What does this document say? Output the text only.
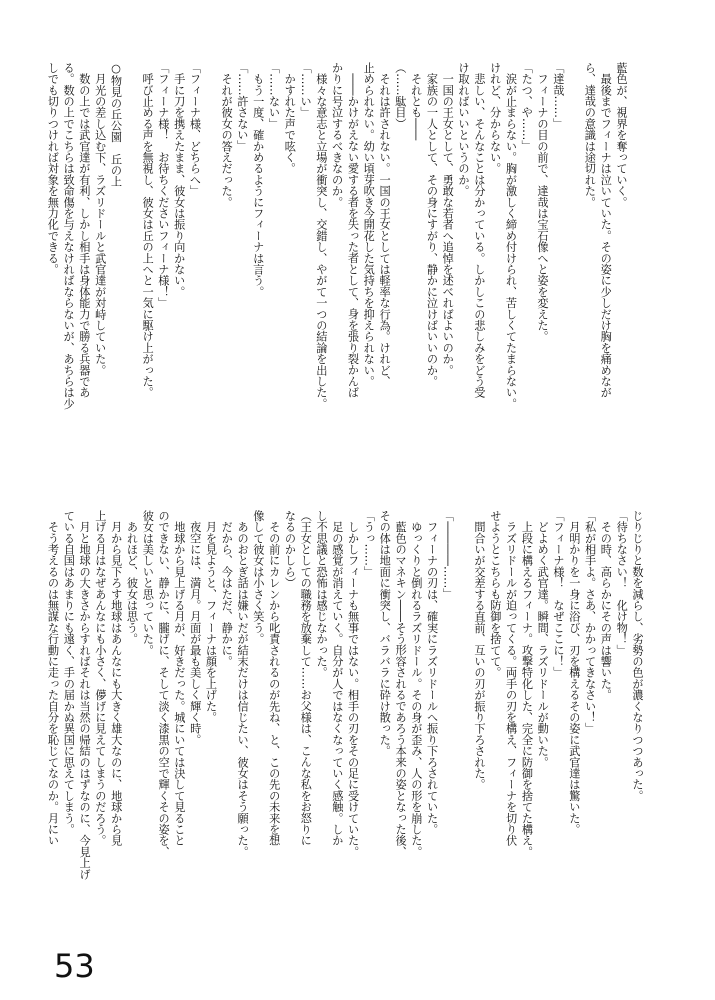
藍色が、視界を奪っていく。
　最後までフィーナは泣いていた。その姿に少しだけ胸を痛めなが
ら、達哉の意識は途切れた。

「達哉……」
　フィーナの目の前で、達哉は宝石像へと姿を変えた。
「たつ、や……」
　涙が止まらない。胸が激しく締め付けられ、苦しくてたまらない。
けれど、分からない。
　悲しい、そんなことは分かっている。しかしこの悲しみをどう受
け取ればいいというのか。
　一国の王女として、勇敢な若者へ追悼を述べればよいのか。
　家族の一人として、その身にすがり、静かに泣けばいいのか。
　それとも――
（……駄目）
　それは許されない。一国の王女としては軽率な行為。けれど、
止められない。幼い頃芽吹き今開花した気持ちを抑えられない。
　――かけがえない愛する者を失った者として、身を張り裂かんば
かりに号泣するべきなのか。
　様々な意志と立場が衝突し、交錯し、やがて一つの結論を出した。
「……い」
　かすれた声で呟く。
「……ない」
　もう一度、確かめるようにフィーナは言う。
「……許さない」
　それが彼女の答えだった。

「フィーナ様、どちらへ」
　手に刀を携えたまま、彼女は振り向かない。
「フィーナ様！　お待ちくださいフィーナ様！」
　呼び止める声を無視し、彼女は丘の上へと一気に駆け上がった。

○物見の丘公園　丘の上
　月光の差し込む下、ラズリドールと武官達が対峙していた。
　数の上では武官達が有利、しかし相手は身体能力で勝る兵器であ
る。数の上でこちらは致命傷を与えなければならないが、あちらは少
しでも切りつければ対象を無力化できる。
じりじりと数を減らし、劣勢の色が濃くなりつつあった。
「待ちなさい！　化け物！」
　その時、高らかにその声は響いた。
「私が相手よ。さあ、かかってきなさい！」
　月明かりを一身に浴び、刃を構えるその姿に武官達は驚いた。
「フィーナ様！　なぜここに！」
　どよめく武官達。瞬間、ラズリドールが動いた。
　上段に構えるフィーナ。攻撃特化した、完全に防御を捨てた構え。
　ラズリドールが迫ってくる。両手の刃を構え、フィーナを切り伏
せようとこちらも防御を捨てて。
　間合いが交差する直前、互いの刃が振り下ろされた。

「――――……」
　フィーナの刃は、確実にラズリドールへ振り下ろされていた。
　ゆっくりと倒れるラズリドール。その身が歪み、人の形を崩した。
　藍色のマネキン――そう形容されるであろう本来の姿となった後、
その体は地面に衝突し、バラバラに砕け散った。
「うっ……」
　しかしフィーナも無事ではない。相手の刃をその足に受けていた。
　足の感覚が消えていく。自分が人ではなくなっていく感触。しか
し不思議と恐怖は感じなかった。
（王女としての職務を放棄して……お父様は、こんな私をお怒りに
なるのかしら）
　その前にカレンから叱責されるのが先ね、と、この先の未来を想
像して彼女は小さく笑う。
　あのおとぎ話は嫌いだが結末だけは信じたい、彼女はそう願った。
　だから、今はただ、静かに。
　月を見ようと、フィーナは顔を上げた。
　夜空には、満月。月面が最も美しく輝く時。
　地球から見上げる月が、好きだった。城にいては決して見ること
のできない、静かに、朧げに、そして淡く漆黒の空で輝くその姿を、
彼女は美しいと思っていた。
　あれほど、彼女は思う。
　月から見下ろす地球はあんなにも大きく雄大なのに、地球から見
上げる月はなぜあんなにも小さく、儚げに見えてしまうのだろう。
　月と地球の大きさからすればそれは当然の帰結のはずなのに、今見上げ
ている自国はあまりにも遠く、手の届かぬ異国に思えてしまう。
　そう考えるのは無謀な行動に走った自分を恥じてなのか。月にい
53
